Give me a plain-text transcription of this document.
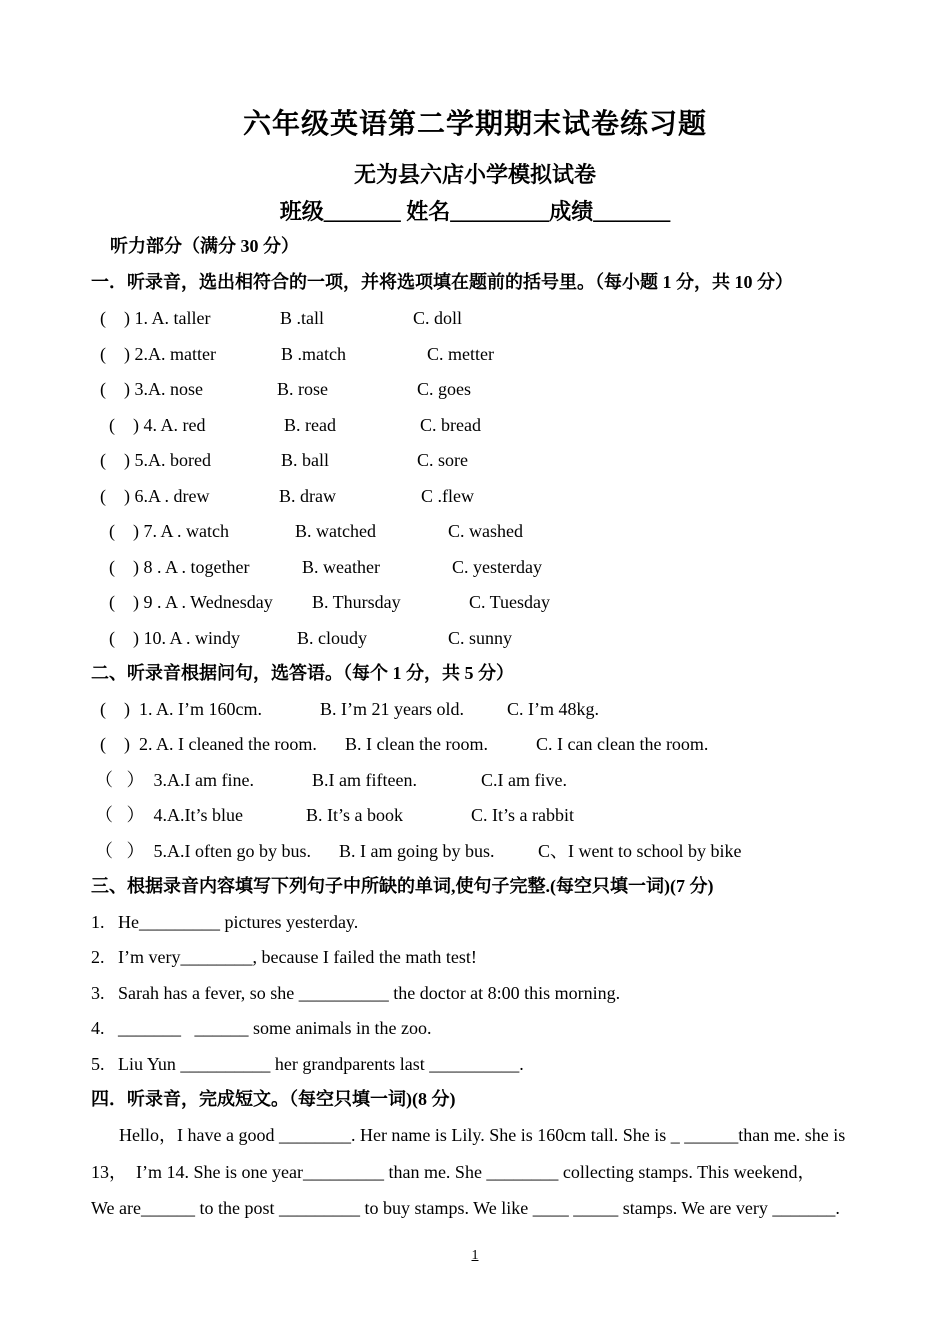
六年级英语第二学期期末试卷练习题
无为县六店小学模拟试卷
班级_______ 姓名_________成绩_______
听力部分（满分 30 分）
一．听录音，选出相符合的一项，并将选项填在题前的括号里。（每小题 1 分，共 10 分）
(    ) 1. A. taller	B .tall	C. doll
(    ) 2.A. matter	B .match	C. metter
(    ) 3.A. nose	B. rose	C. goes
(    ) 4. A. red	B. read	C. bread
(    ) 5.A. bored	B. ball	C. sore
(    ) 6.A . drew	B. draw	C .flew
(    ) 7. A . watch	B. watched	C. washed
(    ) 8 . A . together	B. weather	C. yesterday
(    ) 9 . A . Wednesday B. Thursday	C. Tuesday
(    ) 10. A . windy	B. cloudy	C. sunny
二、听录音根据问句，选答语。（每个 1 分，共 5 分）
(    )  1. A. I’m 160cm.	B. I’m 21 years old. C. I’m 48kg.
(    )  2. A. I cleaned the room. B. I clean the room.	C. I can clean the room.
（   ）  3.A.I am fine.	B.I am fifteen.	C.I am five.
（   ）  4.A.It’s blue	B. It’s a book	C. It’s a rabbit
（   ）  5.A.I often go by bus. B. I am going by bus. C、I went to school by bike
三、根据录音内容填写下列句子中所缺的单词,使句子完整.(每空只填一词)(7 分)
1.   He_________ pictures yesterday.
2.   I’m very________, because I failed the math test!
3.   Sarah has a fever, so she __________ the doctor at 8:00 this morning.
4.   _______   ______ some animals in the zoo.
5.   Liu Yun __________ her grandparents last __________.
四．听录音，完成短文。（每空只填一词)(8 分)
Hello，I have a good ________. Her name is Lily. She is 160cm tall. She is _ ______than me. she is
13，  I’m 14. She is one year_________ than me. She ________ collecting stamps. This weekend，
We are______ to the post _________ to buy stamps. We like ____ _____ stamps. We are very _______.
1
